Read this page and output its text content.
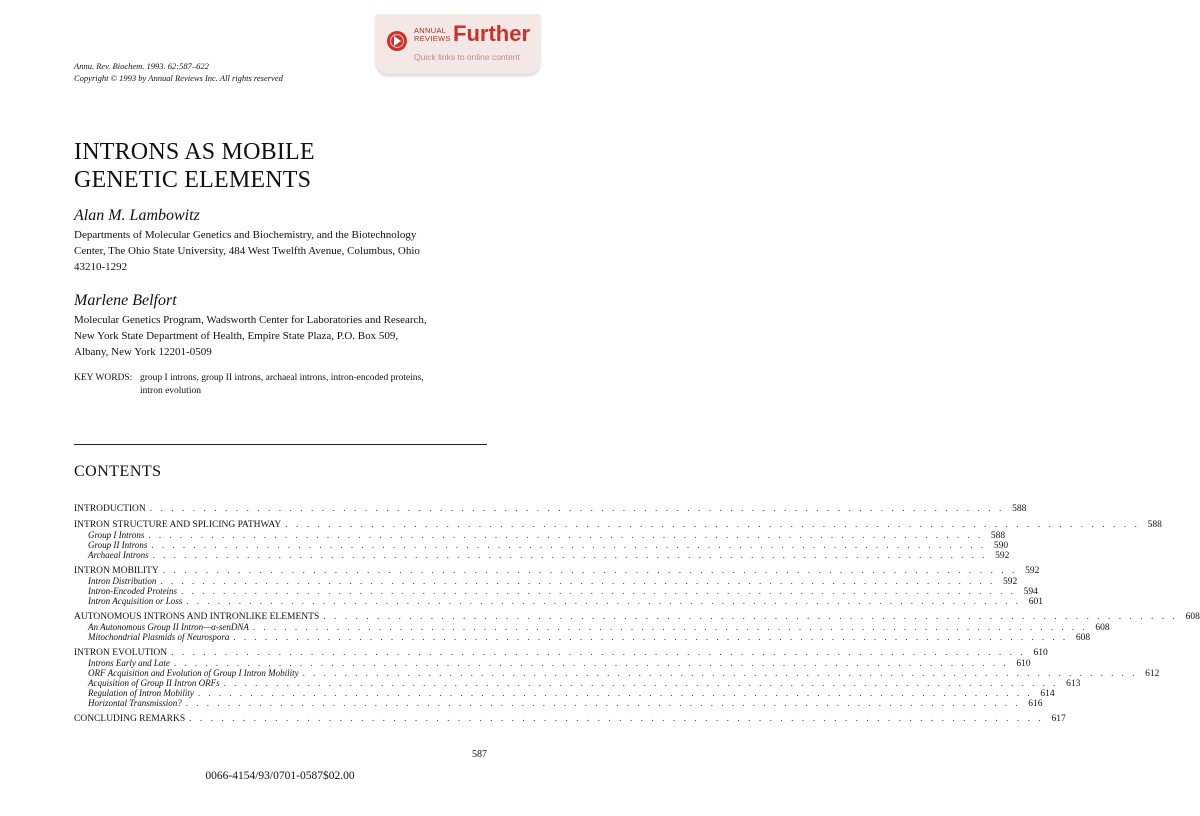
ANNUAL
REVIEWS Further
Quick links to online content
Annu. Rev. Biochem. 1993. 62:587–622
Copyright © 1993 by Annual Reviews Inc. All rights reserved
INTRONS AS MOBILE
GENETIC ELEMENTS
Alan M. Lambowitz
Departments of Molecular Genetics and Biochemistry, and the Biotechnology
Center, The Ohio State University, 484 West Twelfth Avenue, Columbus, Ohio
43210-1292
Marlene Belfort
Molecular Genetics Program, Wadsworth Center for Laboratories and Research,
New York State Department of Health, Empire State Plaza, P.O. Box 509,
Albany, New York 12201-0509
KEY WORDS: group I introns, group II introns, archaeal introns, intron-encoded proteins,
intron evolution
CONTENTS
INTRODUCTION . . . . . . . . . . . . . . . . . . . . . . . . . . . . . . . . . . . . . . . . . . . . . . . . . . . . . . . . . . . . . . . . . . . . . . . . . . . . . . . . 588
INTRON STRUCTURE AND SPLICING PATHWAY . . . . . . . . . . . . . . . . . . . . . . . . . . . . . . . . . . . . . . . . . . . . . . . . . . . . . . . . . . . . . . . . . . . . . . . . . . . . . . . . 588
Group I Introns . . . . . . . . . . . . . . . . . . . . . . . . . . . . . . . . . . . . . . . . . . . . . . . . . . . . . . . . . . . . . . . . . . . . . . . . . . . . . . . . 588
Group II Introns . . . . . . . . . . . . . . . . . . . . . . . . . . . . . . . . . . . . . . . . . . . . . . . . . . . . . . . . . . . . . . . . . . . . . . . . . . . . . . . . 590
Archaeal Introns . . . . . . . . . . . . . . . . . . . . . . . . . . . . . . . . . . . . . . . . . . . . . . . . . . . . . . . . . . . . . . . . . . . . . . . . . . . . . . . . 592
INTRON MOBILITY . . . . . . . . . . . . . . . . . . . . . . . . . . . . . . . . . . . . . . . . . . . . . . . . . . . . . . . . . . . . . . . . . . . . . . . . . . . . . . . . 592
Intron Distribution . . . . . . . . . . . . . . . . . . . . . . . . . . . . . . . . . . . . . . . . . . . . . . . . . . . . . . . . . . . . . . . . . . . . . . . . . . . . . . . . 592
Intron-Encoded Proteins . . . . . . . . . . . . . . . . . . . . . . . . . . . . . . . . . . . . . . . . . . . . . . . . . . . . . . . . . . . . . . . . . . . . . . . . . . . . . . . . 594
Intron Acquisition or Loss . . . . . . . . . . . . . . . . . . . . . . . . . . . . . . . . . . . . . . . . . . . . . . . . . . . . . . . . . . . . . . . . . . . . . . . . . . . . . . . . 601
AUTONOMOUS INTRONS AND INTRONLIKE ELEMENTS . . . . . . . . . . . . . . . . . . . . . . . . . . . . . . . . . . . . . . . . . . . . . . . . . . . . . . . . . . . . . . . . . . . . . . . . . . . . . . . . 608
An Autonomous Group II Intron—α-senDNA . . . . . . . . . . . . . . . . . . . . . . . . . . . . . . . . . . . . . . . . . . . . . . . . . . . . . . . . . . . . . . . . . . . . . . . . . . . . . . . . 608
Mitochondrial Plasmids of Neurospora . . . . . . . . . . . . . . . . . . . . . . . . . . . . . . . . . . . . . . . . . . . . . . . . . . . . . . . . . . . . . . . . . . . . . . . . . . . . . . . . 608
INTRON EVOLUTION . . . . . . . . . . . . . . . . . . . . . . . . . . . . . . . . . . . . . . . . . . . . . . . . . . . . . . . . . . . . . . . . . . . . . . . . . . . . . . . . 610
Introns Early and Late . . . . . . . . . . . . . . . . . . . . . . . . . . . . . . . . . . . . . . . . . . . . . . . . . . . . . . . . . . . . . . . . . . . . . . . . . . . . . . . . 610
ORF Acquisition and Evolution of Group I Intron Mobility . . . . . . . . . . . . . . . . . . . . . . . . . . . . . . . . . . . . . . . . . . . . . . . . . . . . . . . . . . . . . . . . . . . . . . . . . . . . . . . . 612
Acquisition of Group II Intron ORFs . . . . . . . . . . . . . . . . . . . . . . . . . . . . . . . . . . . . . . . . . . . . . . . . . . . . . . . . . . . . . . . . . . . . . . . . . . . . . . . . 613
Regulation of Intron Mobility . . . . . . . . . . . . . . . . . . . . . . . . . . . . . . . . . . . . . . . . . . . . . . . . . . . . . . . . . . . . . . . . . . . . . . . . . . . . . . . . 614
Horizontal Transmission? . . . . . . . . . . . . . . . . . . . . . . . . . . . . . . . . . . . . . . . . . . . . . . . . . . . . . . . . . . . . . . . . . . . . . . . . . . . . . . . . 616
CONCLUDING REMARKS . . . . . . . . . . . . . . . . . . . . . . . . . . . . . . . . . . . . . . . . . . . . . . . . . . . . . . . . . . . . . . . . . . . . . . . . . . . . . . . . 617
587
0066-4154/93/0701-0587$02.00
